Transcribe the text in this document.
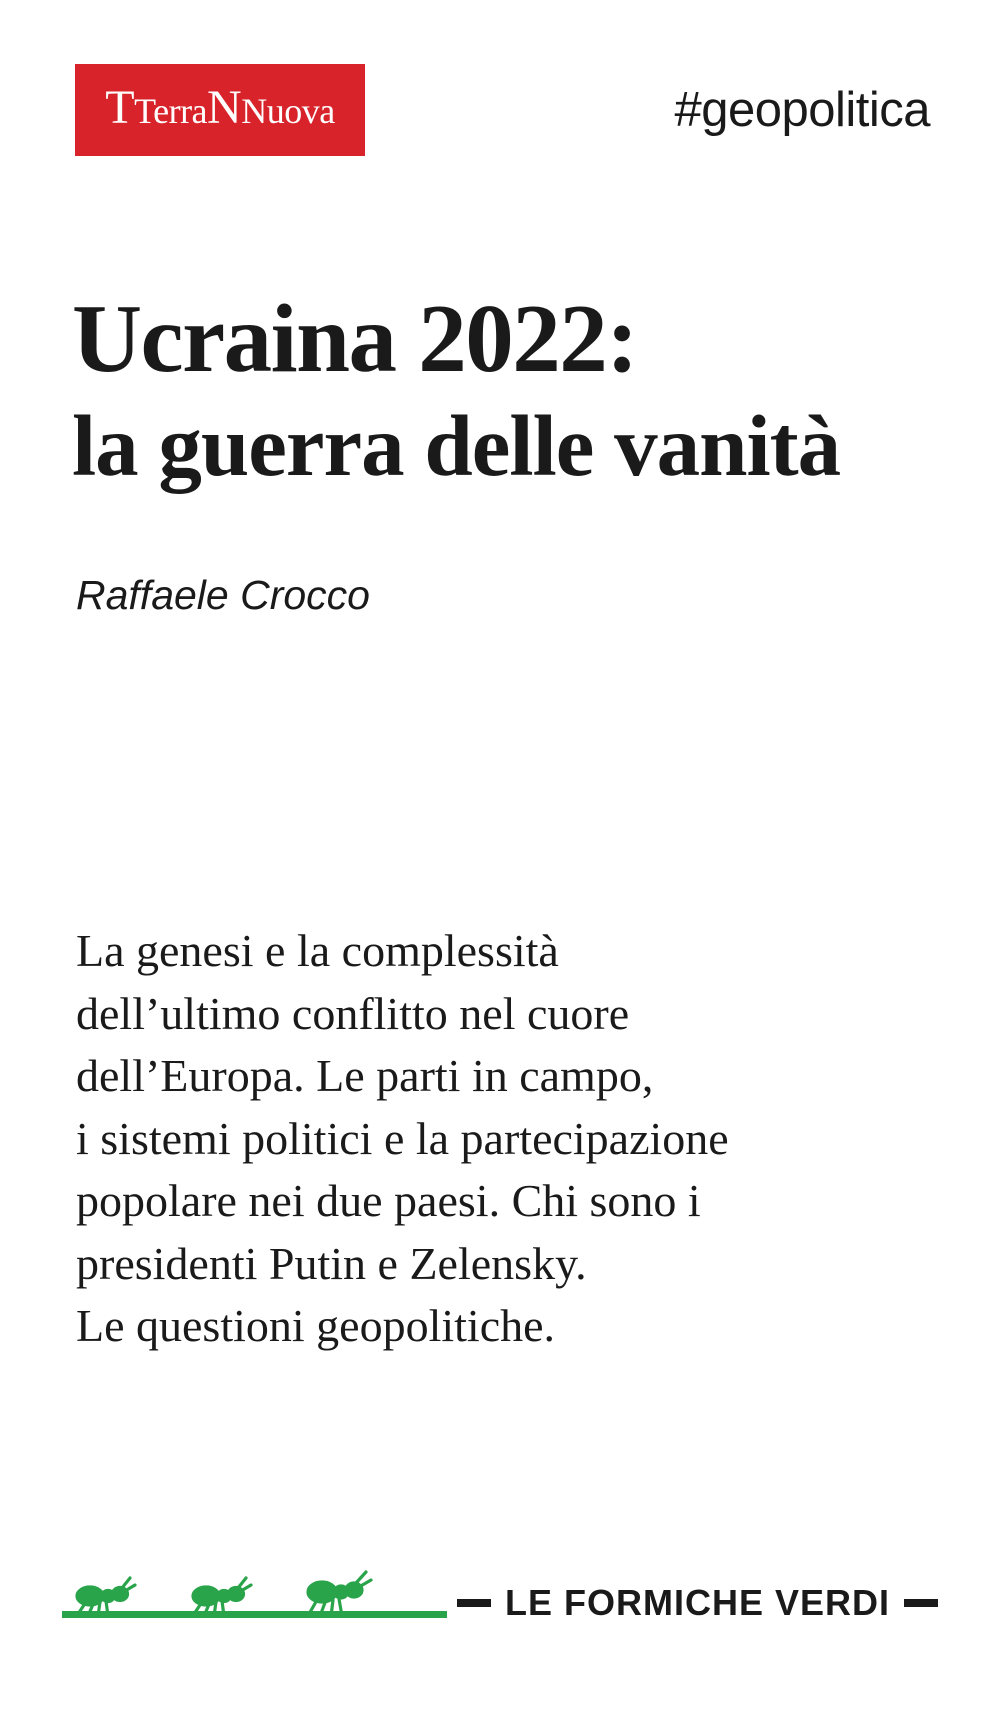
TTerraNNuova	#geopolitica
Ucraina 2022:
la guerra delle vanità
Raffaele Crocco
La genesi e la complessità
dell’ultimo conflitto nel cuore
dell’Europa. Le parti in campo,
i sistemi politici e la partecipazione
popolare nei due paesi. Chi sono i
presidenti Putin e Zelensky.
Le questioni geopolitiche.
LE FORMICHE VERDI
